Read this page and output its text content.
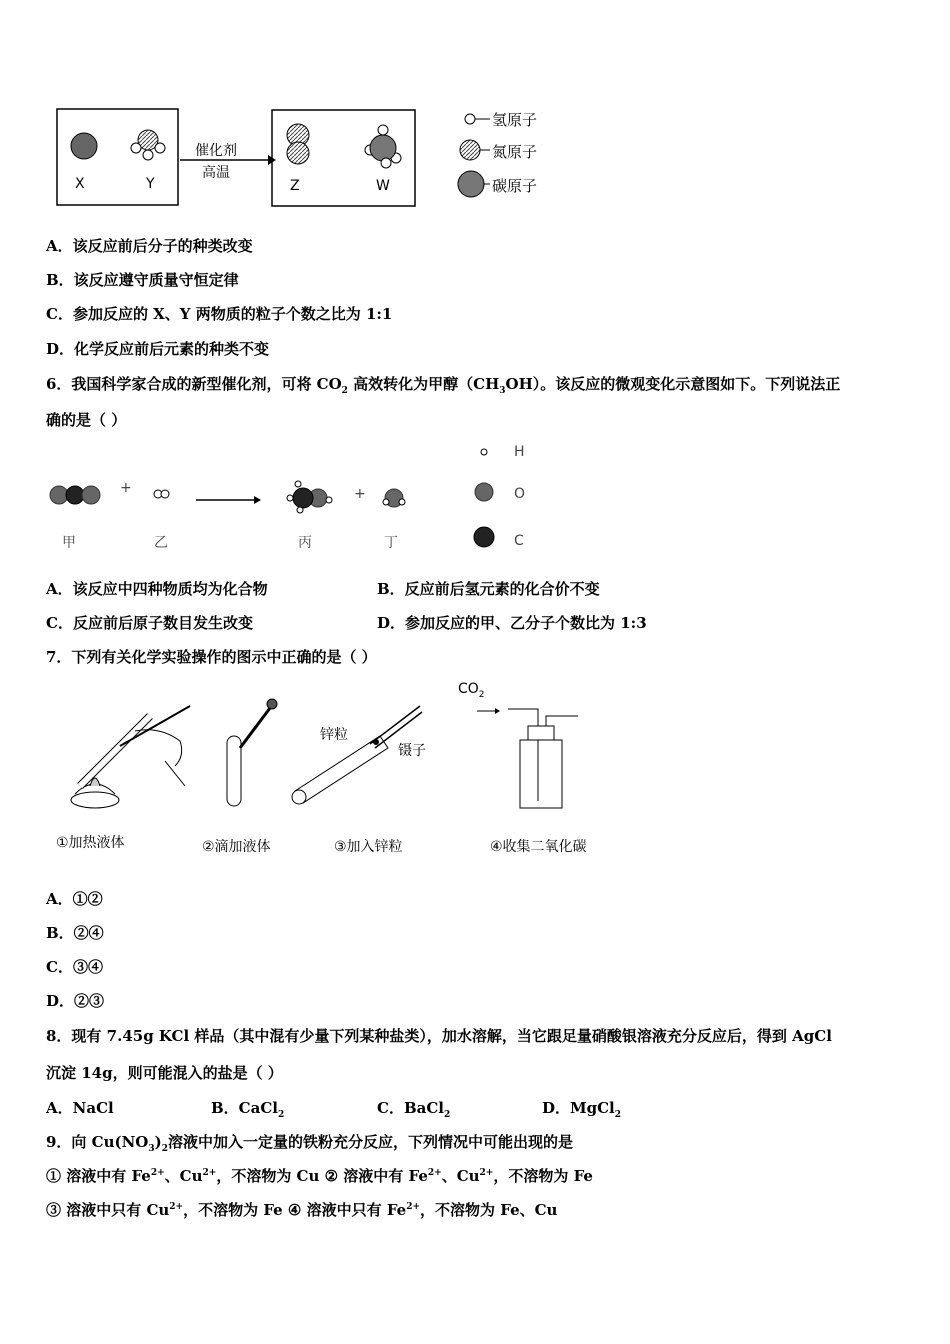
X	Y
催化剂
高温
Z	W
氢原子
氮原子
碳原子
A．该反应前后分子的种类改变
B．该反应遵守质量守恒定律
C．参加反应的 X、Y 两物质的粒子个数之比为 1:1
D．化学反应前后元素的种类不变
6．我国科学家合成的新型催化剂，可将 $CO_2$ 高效转化为甲醇$(CH_3OH)$。该反应的微观变化示意图如下。下列说法正
确的是（ ）
+	+
甲	乙	丙	丁
H
O
C
A．该反应中四种物质均为化合物	B．反应前后氢元素的化合价不变
C．反应前后原子数目发生改变	D．参加反应的甲、乙分子个数比为 1:3
7．下列有关化学实验操作的图示中正确的是（ ）
锌粒
镊子
$CO_2$
①加热液体	②滴加液体	③加入锌粒	④收集二氧化碳
A．①②
B．②④
C．③④
D．②③
8．现有 7.45g KCl 样品（其中混有少量下列某种盐类），加水溶解，当它跟足量硝酸银溶液充分反应后，得到 AgCl
沉淀 14g，则可能混入的盐是（ ）
A．NaCl	B．CaCl$_2$	C．BaCl$_2$	D．MgCl$_2$
9．向 $Cu(NO_3)_2$溶液中加入一定量的铁粉充分反应，下列情况中可能出现的是
① 溶液中有 $Fe^{2+}$、$Cu^{2+}$，不溶物为 Cu ② 溶液中有 $Fe^{2+}$、$Cu^{2+}$，不溶物为 Fe
③ 溶液中只有 $Cu^{2+}$，不溶物为 Fe ④ 溶液中只有 $Fe^{2+}$，不溶物为 Fe、Cu
